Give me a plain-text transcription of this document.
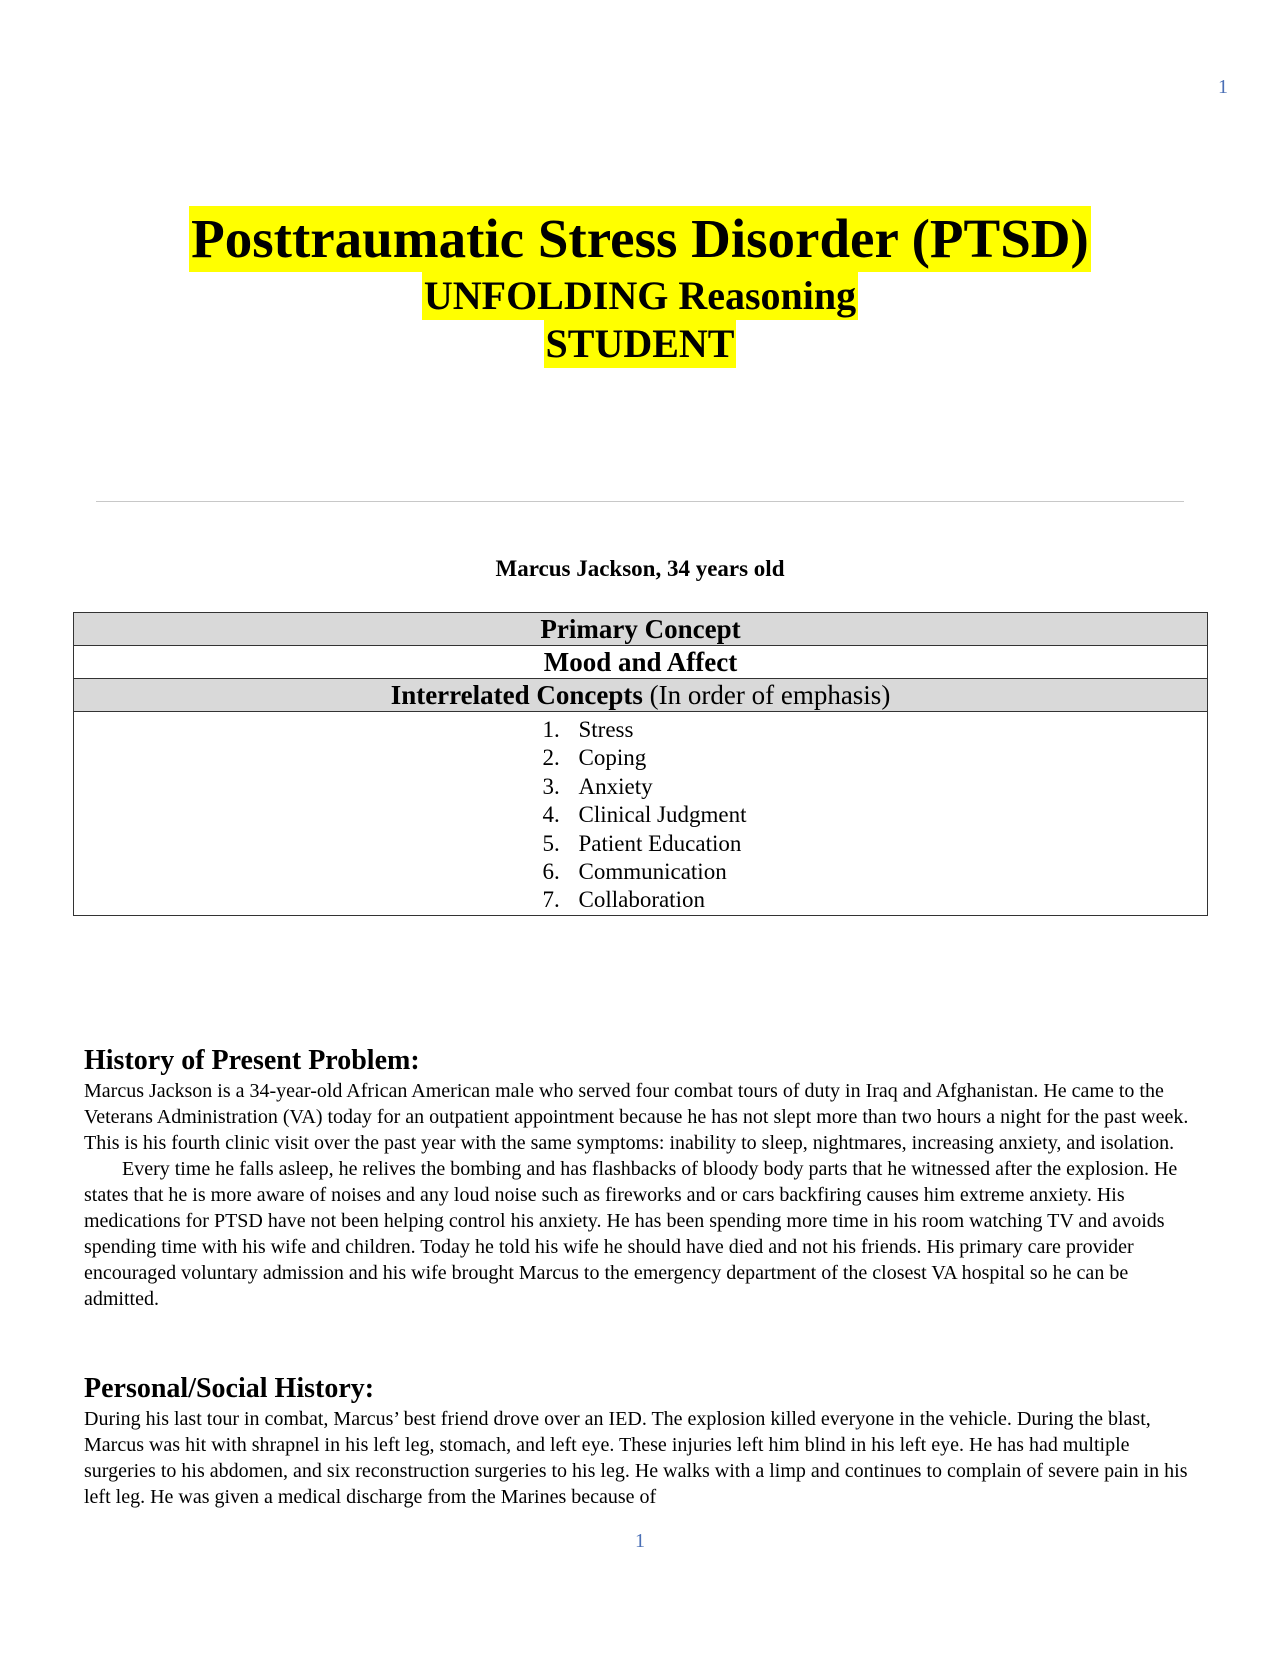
1
Posttraumatic Stress Disorder (PTSD)
UNFOLDING Reasoning
STUDENT
Marcus Jackson, 34 years old
Primary Concept
Mood and Affect
Interrelated Concepts (In order of emphasis)

1. Stress
2. Coping
3. Anxiety
4. Clinical Judgment
5. Patient Education
6. Communication
7. Collaboration
History of Present Problem:

Marcus Jackson is a 34-year-old African American male who served four combat tours of duty in Iraq and Afghanistan. He came to the Veterans Administration (VA) today for an outpatient appointment because he has not slept more than two hours a night for the past week. This is his fourth clinic visit over the past year with the same symptoms: inability to sleep, nightmares, increasing anxiety, and isolation.

Every time he falls asleep, he relives the bombing and has flashbacks of bloody body parts that he witnessed after the explosion. He states that he is more aware of noises and any loud noise such as fireworks and or cars backfiring causes him extreme anxiety. His medications for PTSD have not been helping control his anxiety. He has been spending more time in his room watching TV and avoids spending time with his wife and children. Today he told his wife he should have died and not his friends. His primary care provider encouraged voluntary admission and his wife brought Marcus to the emergency department of the closest VA hospital so he can be admitted.

Personal/Social History:

During his last tour in combat, Marcus’ best friend drove over an IED. The explosion killed everyone in the vehicle. During the blast, Marcus was hit with shrapnel in his left leg, stomach, and left eye. These injuries left him blind in his left eye. He has had multiple surgeries to his abdomen, and six reconstruction surgeries to his leg. He walks with a limp and continues to complain of severe pain in his left leg. He was given a medical discharge from the Marines because of

1
